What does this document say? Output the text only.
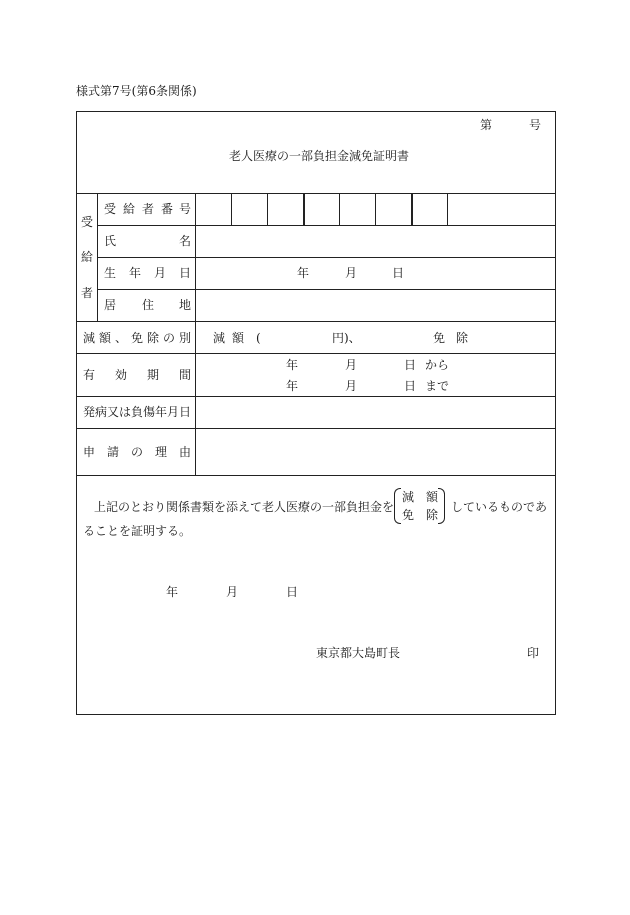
様式第7号(第6条関係)
第	号
老人医療の一部負担金減免証明書
受
給
者
受 給 者 番 号
氏	名
生 年 月 日	年	月	日
居 住 地
減 額 、 免 除 の 別 減 額 (	円)、	免 除
有 効 期 間
年	月	日 から
年	月	日 まで
発病又は負傷年月日
申 請 の 理 由
上記のとおり関係書類を添えて老人医療の一部負担金を
減　額
免　除
しているものであ
ることを証明する。
年	月	日
東京都大島町長	印
